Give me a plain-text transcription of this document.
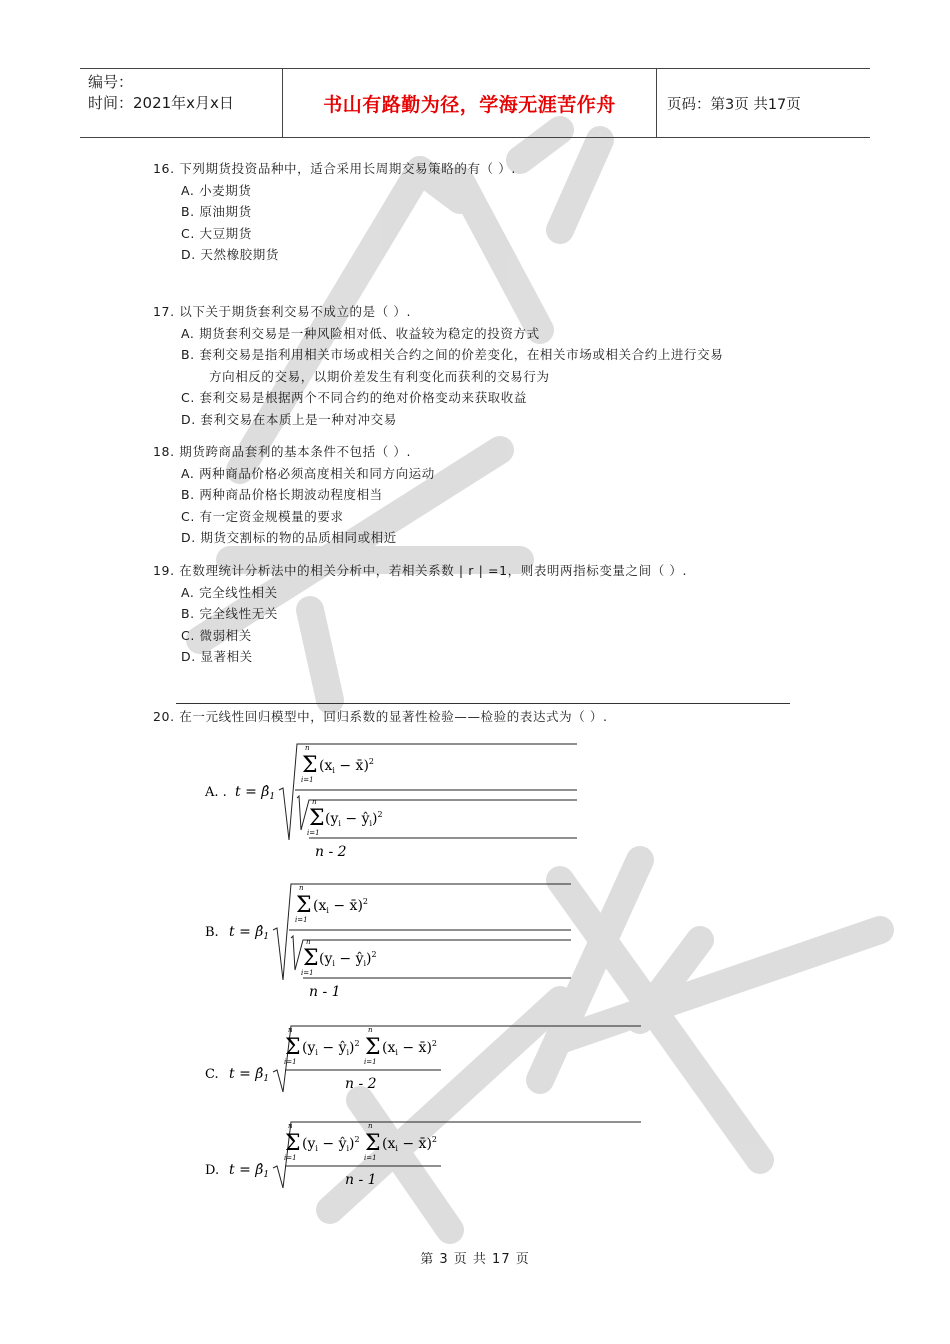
编号：
时间：2021年x月x日	书山有路勤为径，学海无涯苦作舟	页码：第3页 共17页
16. 下列期货投资品种中，适合采用长周期交易策略的有（ ）.
A. 小麦期货
B. 原油期货
C. 大豆期货
D. 天然橡胶期货
17. 以下关于期货套利交易不成立的是（ ）.
A. 期货套利交易是一种风险相对低、收益较为稳定的投资方式
B. 套利交易是指利用相关市场或相关合约之间的价差变化，在相关市场或相关合约上进行交易
方向相反的交易，以期价差发生有利变化而获利的交易行为
C. 套利交易是根据两个不同合约的绝对价格变动来获取收益
D. 套利交易在本质上是一种对冲交易
18. 期货跨商品套利的基本条件不包括（ ）.
A. 两种商品价格必须高度相关和同方向运动
B. 两种商品价格长期波动程度相当
C. 有一定资金规模量的要求
D. 期货交割标的物的品质相同或相近
19. 在数理统计分析法中的相关分析中，若相关系数 | r | =1，则表明两指标变量之间（ ）.
A. 完全线性相关
B. 完全线性无关
C. 微弱相关
D. 显著相关
20. 在一元线性回归模型中，回归系数的显著性检验——检验的表达式为（ ）.
A. . $t = \betâ_1$
Σ
n
i=1
($x_i$ − x̄)$^2$
Σ
n
i=1
($y_i$ − $ŷ_i)^2$
n - 2
B. $t = \betâ_1$
Σ
n
i=1
($x_i$ − x̄)$^2$
Σ
n
i=1
($y_i$ − $ŷ_i)^2$
n - 1
C. $t = \betâ_1$
Σ
n
i=1
($y_i$ − $ŷ_i)^2$ Σ
n
i=1
($x_i$ − x̄)$^2$
n - 2
D. $t = \betâ_1$
Σ
n
i=1
($y_i$ − $ŷ_i)^2$ Σ
n
i=1
($x_i$ − x̄)$^2$
n - 1
第 3 页 共 17 页
